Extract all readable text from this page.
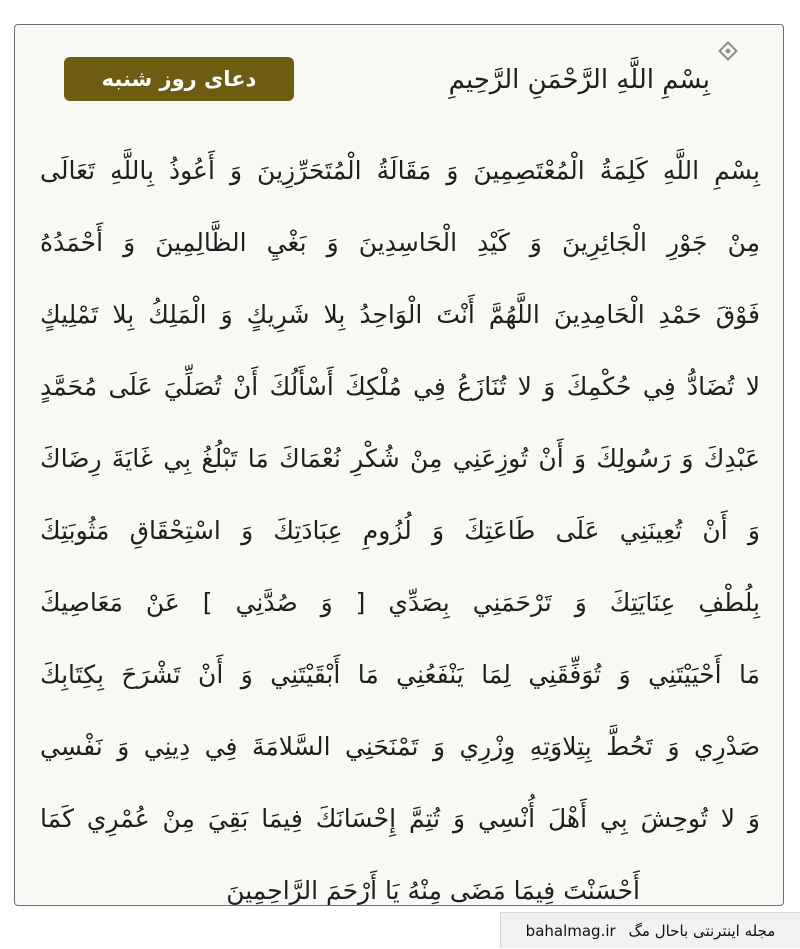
بِسْمِ اللَّهِ الرَّحْمَنِ الرَّحِيمِ
دعای روز شنبه
بِسْمِ اللَّهِ كَلِمَةُ الْمُعْتَصِمِينَ وَ مَقَالَةُ الْمُتَحَرِّزِينَ وَ أَعُوذُ بِاللَّهِ تَعَالَى
مِنْ جَوْرِ الْجَائِرِينَ وَ كَيْدِ الْحَاسِدِينَ وَ بَغْيِ الظَّالِمِينَ وَ أَحْمَدُهُ
فَوْقَ حَمْدِ الْحَامِدِينَ اللَّهُمَّ أَنْتَ الْوَاحِدُ بِلا شَرِيكٍ وَ الْمَلِكُ بِلا تَمْلِيكٍ
لا تُضَادُّ فِي حُكْمِكَ وَ لا تُنَازَعُ فِي مُلْكِكَ أَسْأَلُكَ أَنْ تُصَلِّيَ عَلَى مُحَمَّدٍ
عَبْدِكَ وَ رَسُولِكَ وَ أَنْ تُوزِعَنِي مِنْ شُكْرِ نُعْمَاكَ مَا تَبْلُغُ بِي غَايَةَ رِضَاكَ
وَ أَنْ تُعِينَنِي عَلَى طَاعَتِكَ وَ لُزُومِ عِبَادَتِكَ وَ اسْتِحْقَاقِ مَثُوبَتِكَ
بِلُطْفِ عِنَايَتِكَ وَ تَرْحَمَنِي بِصَدِّي [ وَ صُدَّنِي ] عَنْ مَعَاصِيكَ
مَا أَحْيَيْتَنِي وَ تُوَفِّقَنِي لِمَا يَنْفَعُنِي مَا أَبْقَيْتَنِي وَ أَنْ تَشْرَحَ بِكِتَابِكَ
صَدْرِي وَ تَحُطَّ بِتِلاوَتِهِ وِزْرِي وَ تَمْنَحَنِي السَّلامَةَ فِي دِينِي وَ نَفْسِي
وَ لا تُوحِشَ بِي أَهْلَ أُنْسِي وَ تُتِمَّ إِحْسَانَكَ فِيمَا بَقِيَ مِنْ عُمْرِي كَمَا
أَحْسَنْتَ فِيمَا مَضَى مِنْهُ يَا أَرْحَمَ الرَّاحِمِينَ
bahalmag.ir مجله اینترنتی باحال مگ
